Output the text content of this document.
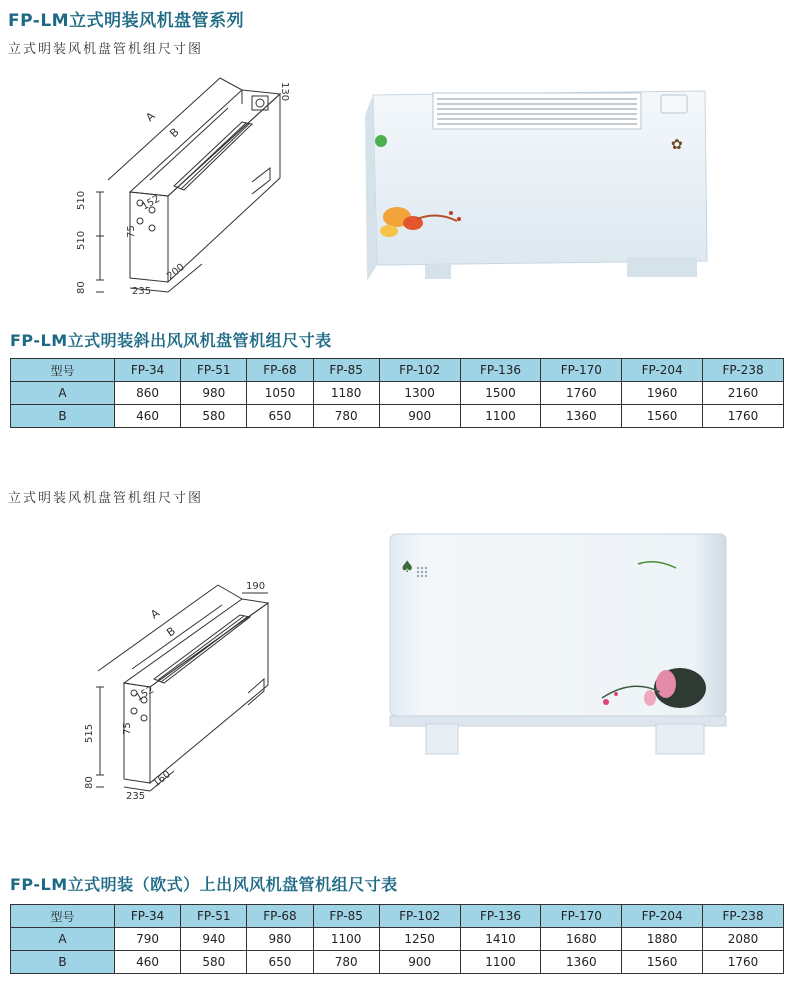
FP-LM立式明装风机盘管系列
立式明装风机盘管机组尺寸图
A
B
130
510
510	75
152
80	235
200
✿
FP-LM立式明装斜出风风机盘管机组尺寸表
型号	FP-34	FP-51	FP-68	FP-85	FP-102	FP-136	FP-170	FP-204	FP-238
A	860	980	1050	1180	1300	1500	1760	1960	2160
B	460	580	650	780	900	1100	1360	1560	1760
立式明装风机盘管机组尺寸图
A
B
190
515	75
152
80
235
160
♠
FP-LM立式明装（欧式）上出风风机盘管机组尺寸表
型号	FP-34	FP-51	FP-68	FP-85	FP-102	FP-136	FP-170	FP-204	FP-238
A	790	940	980	1100	1250	1410	1680	1880	2080
B	460	580	650	780	900	1100	1360	1560	1760
